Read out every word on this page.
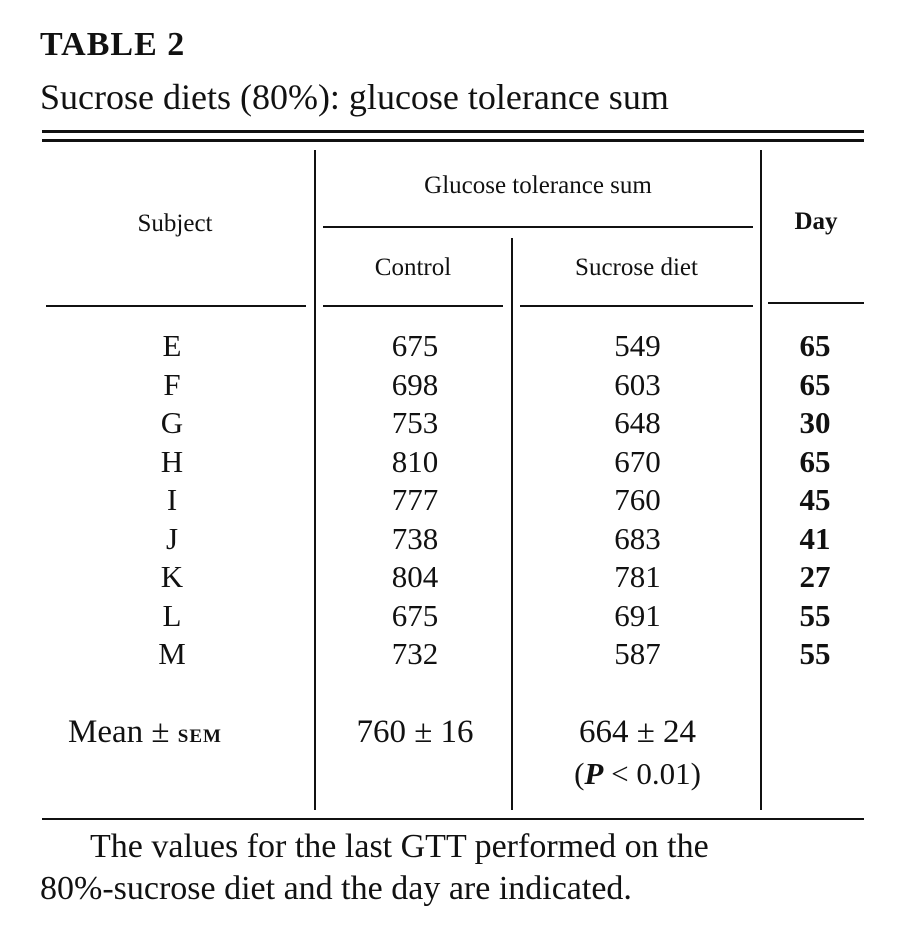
TABLE 2
Sucrose diets (80%): glucose tolerance sum
Subject
Glucose tolerance sum
Control	Sucrose diet
Day
E	675	549	65
F	698	603	65
G	753	648	30
H	810	670	65
I	777	760	45
J	738	683	41
K	804	781	27
L	675	691	55
M	732	587	55
Mean ± sem	760 ± 16	664 ± 24
(P < 0.01)
The values for the last GTT performed on the
80%-sucrose diet and the day are indicated.
